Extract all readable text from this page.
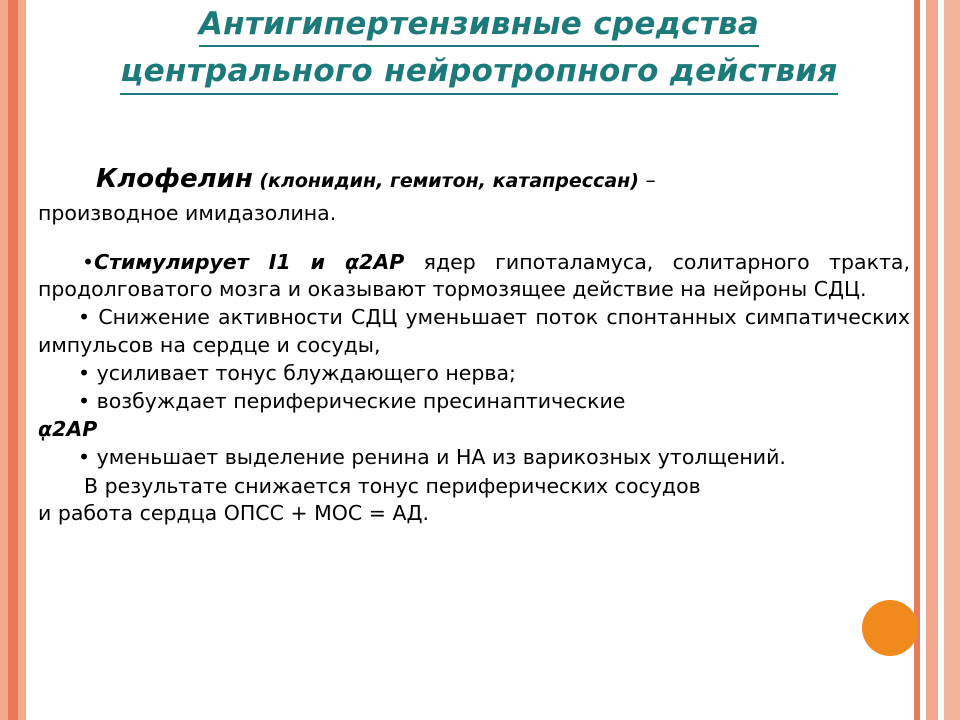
Антигипертензивные средства
центрального нейротропного действия
Клофелин (клонидин, гемитон, катапрессан) –
производное имидазолина.

•Стимулирует I1 и ᾳ2АР ядер гипоталамуса, солитарного тракта, продолговатого мозга и оказывают тормозящее действие на нейроны СДЦ.

• Снижение активности СДЦ уменьшает поток спонтанных симпатических импульсов на сердце и сосуды,

• усиливает тонус блуждающего нерва;

• возбуждает периферические пресинаптические

ᾳ2АР

• уменьшает выделение ренина и НА из варикозных утолщений.

В результате снижается тонус периферических сосудов

и работа сердца ОПСС + МОС = АД.
